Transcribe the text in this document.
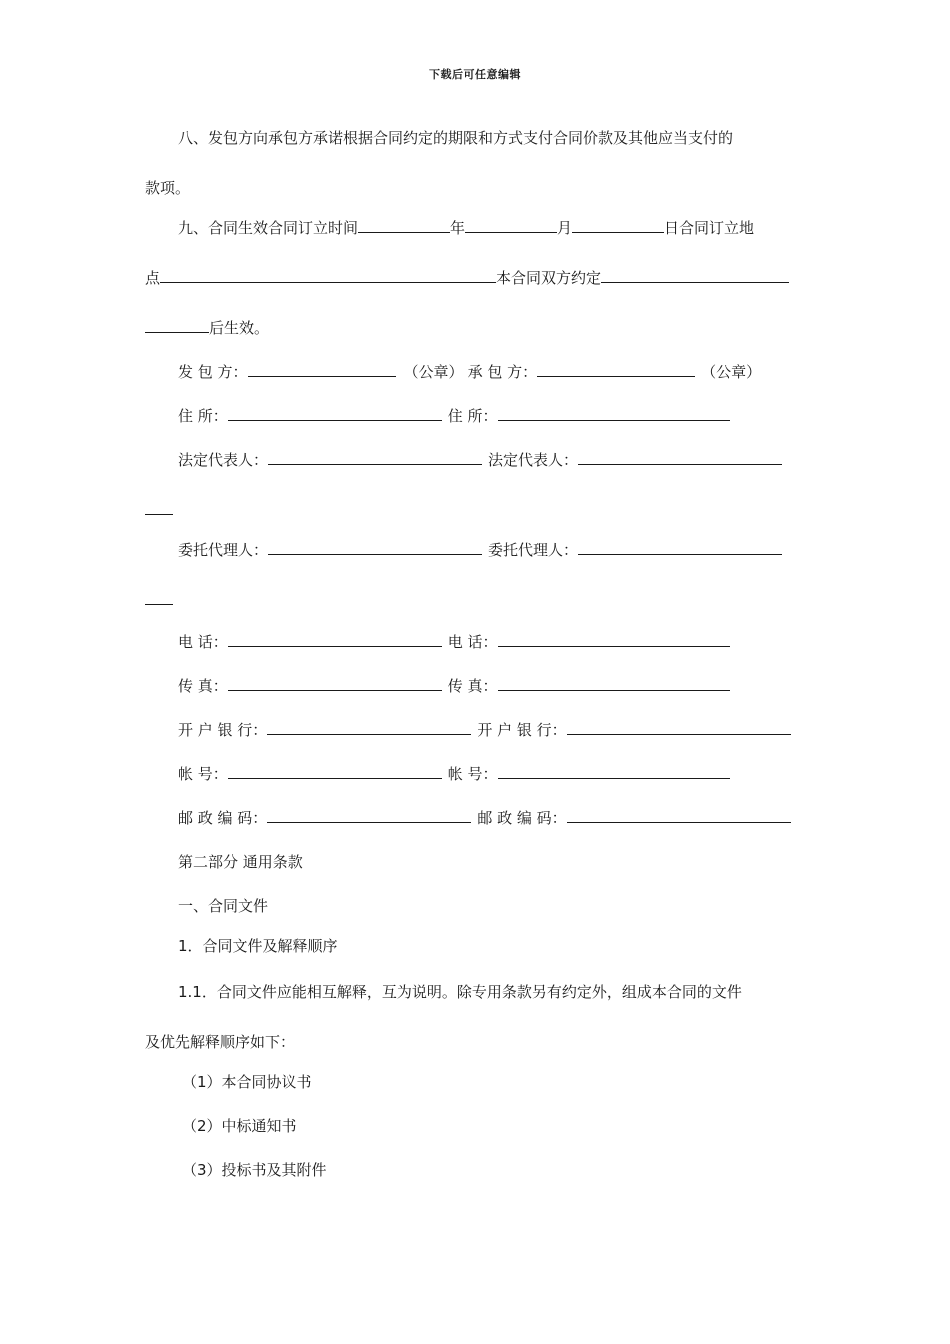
下载后可任意编辑
八、发包方向承包方承诺根据合同约定的期限和方式支付合同价款及其他应当支付的
款项。
九、合同生效合同订立时间	年	月	日合同订立地
点	本合同双方约定
后生效。
发 包 方：	（公章） 承 包 方：	（公章）
住 所：	住 所：
法定代表人：	法定代表人：
委托代理人：	委托代理人：
电 话：	电 话：
传 真：	传 真：
开 户 银 行：	开 户 银 行：
帐 号：	帐 号：
邮 政 编 码：	邮 政 编 码：
第二部分 通用条款
一、合同文件
1．合同文件及解释顺序
1.1．合同文件应能相互解释，互为说明。除专用条款另有约定外，组成本合同的文件
及优先解释顺序如下：
（1）本合同协议书
（2）中标通知书
（3）投标书及其附件
